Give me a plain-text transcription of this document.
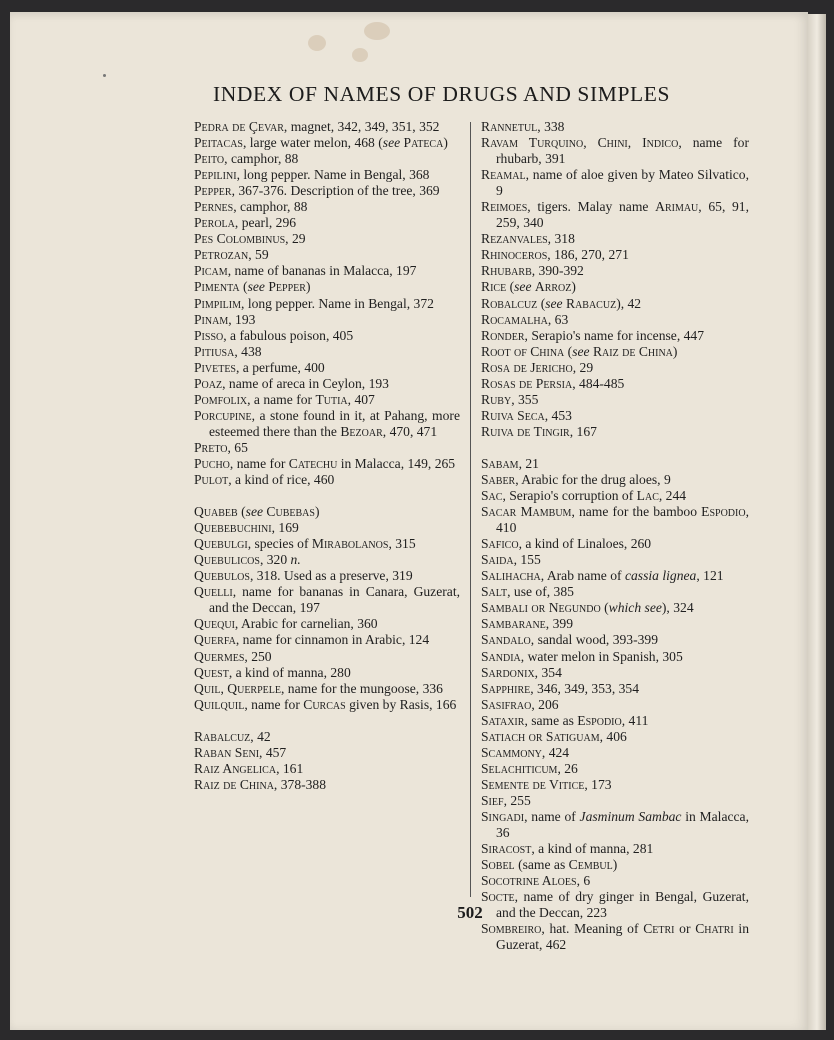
INDEX OF NAMES OF DRUGS AND SIMPLES
Pedra de Çevar, magnet, 342, 349, 351, 352
Peitacas, large water melon, 468 (see Pateca)
Peito, camphor, 88
Pepilini, long pepper. Name in Bengal, 368
Pepper, 367-376. Description of the tree, 369
Pernes, camphor, 88
Perola, pearl, 296
Pes Colombinus, 29
Petrozan, 59
Picam, name of bananas in Malacca, 197
Pimenta (see Pepper)
Pimpilim, long pepper. Name in Bengal, 372
Pinam, 193
Pisso, a fabulous poison, 405
Pitiusa, 438
Pivetes, a perfume, 400
Poaz, name of areca in Ceylon, 193
Pomfolix, a name for Tutia, 407
Porcupine, a stone found in it, at Pahang, more esteemed there than the Bezoar, 470, 471
Preto, 65
Pucho, name for Catechu in Malacca, 149, 265
Pulot, a kind of rice, 460
Quabeb (see Cubebas)
Quebebuchini, 169
Quebulgi, species of Mirabolanos, 315
Quebulicos, 320 n.
Quebulos, 318. Used as a preserve, 319
Quelli, name for bananas in Canara, Guzerat, and the Deccan, 197
Quequi, Arabic for carnelian, 360
Querfa, name for cinnamon in Arabic, 124
Quermes, 250
Quest, a kind of manna, 280
Quil, Querpele, name for the mungoose, 336
Quilquil, name for Curcas given by Rasis, 166
Rabalcuz, 42
Raban Seni, 457
Raiz Angelica, 161
Raiz de China, 378-388
Rannetul, 338
Ravam Turquino, Chini, Indico, name for rhubarb, 391
Reamal, name of aloe given by Mateo Silvatico, 9
Reimoes, tigers. Malay name Arimau, 65, 91, 259, 340
Rezanvales, 318
Rhinoceros, 186, 270, 271
Rhubarb, 390-392
Rice (see Arroz)
Robalcuz (see Rabacuz), 42
Rocamalha, 63
Ronder, Serapio's name for incense, 447
Root of China (see Raiz de China)
Rosa de Jericho, 29
Rosas de Persia, 484-485
Ruby, 355
Ruiva Seca, 453
Ruiva de Tingir, 167
Sabam, 21
Saber, Arabic for the drug aloes, 9
Sac, Serapio's corruption of Lac, 244
Sacar Mambum, name for the bamboo Espodio, 410
Safico, a kind of Linaloes, 260
Saida, 155
Salihacha, Arab name of cassia lignea, 121
Salt, use of, 385
Sambali or Negundo (which see), 324
Sambarane, 399
Sandalo, sandal wood, 393-399
Sandia, water melon in Spanish, 305
Sardonix, 354
Sapphire, 346, 349, 353, 354
Sasifrao, 206
Sataxir, same as Espodio, 411
Satiach or Satiguam, 406
Scammony, 424
Selachiticum, 26
Semente de Vitice, 173
Sief, 255
Singadi, name of Jasminum Sambac in Malacca, 36
Siracost, a kind of manna, 281
Sobel (same as Cembul)
Socotrine Aloes, 6
Socte, name of dry ginger in Bengal, Guzerat, and the Deccan, 223
Sombreiro, hat. Meaning of Cetri or Chatri in Guzerat, 462
502
